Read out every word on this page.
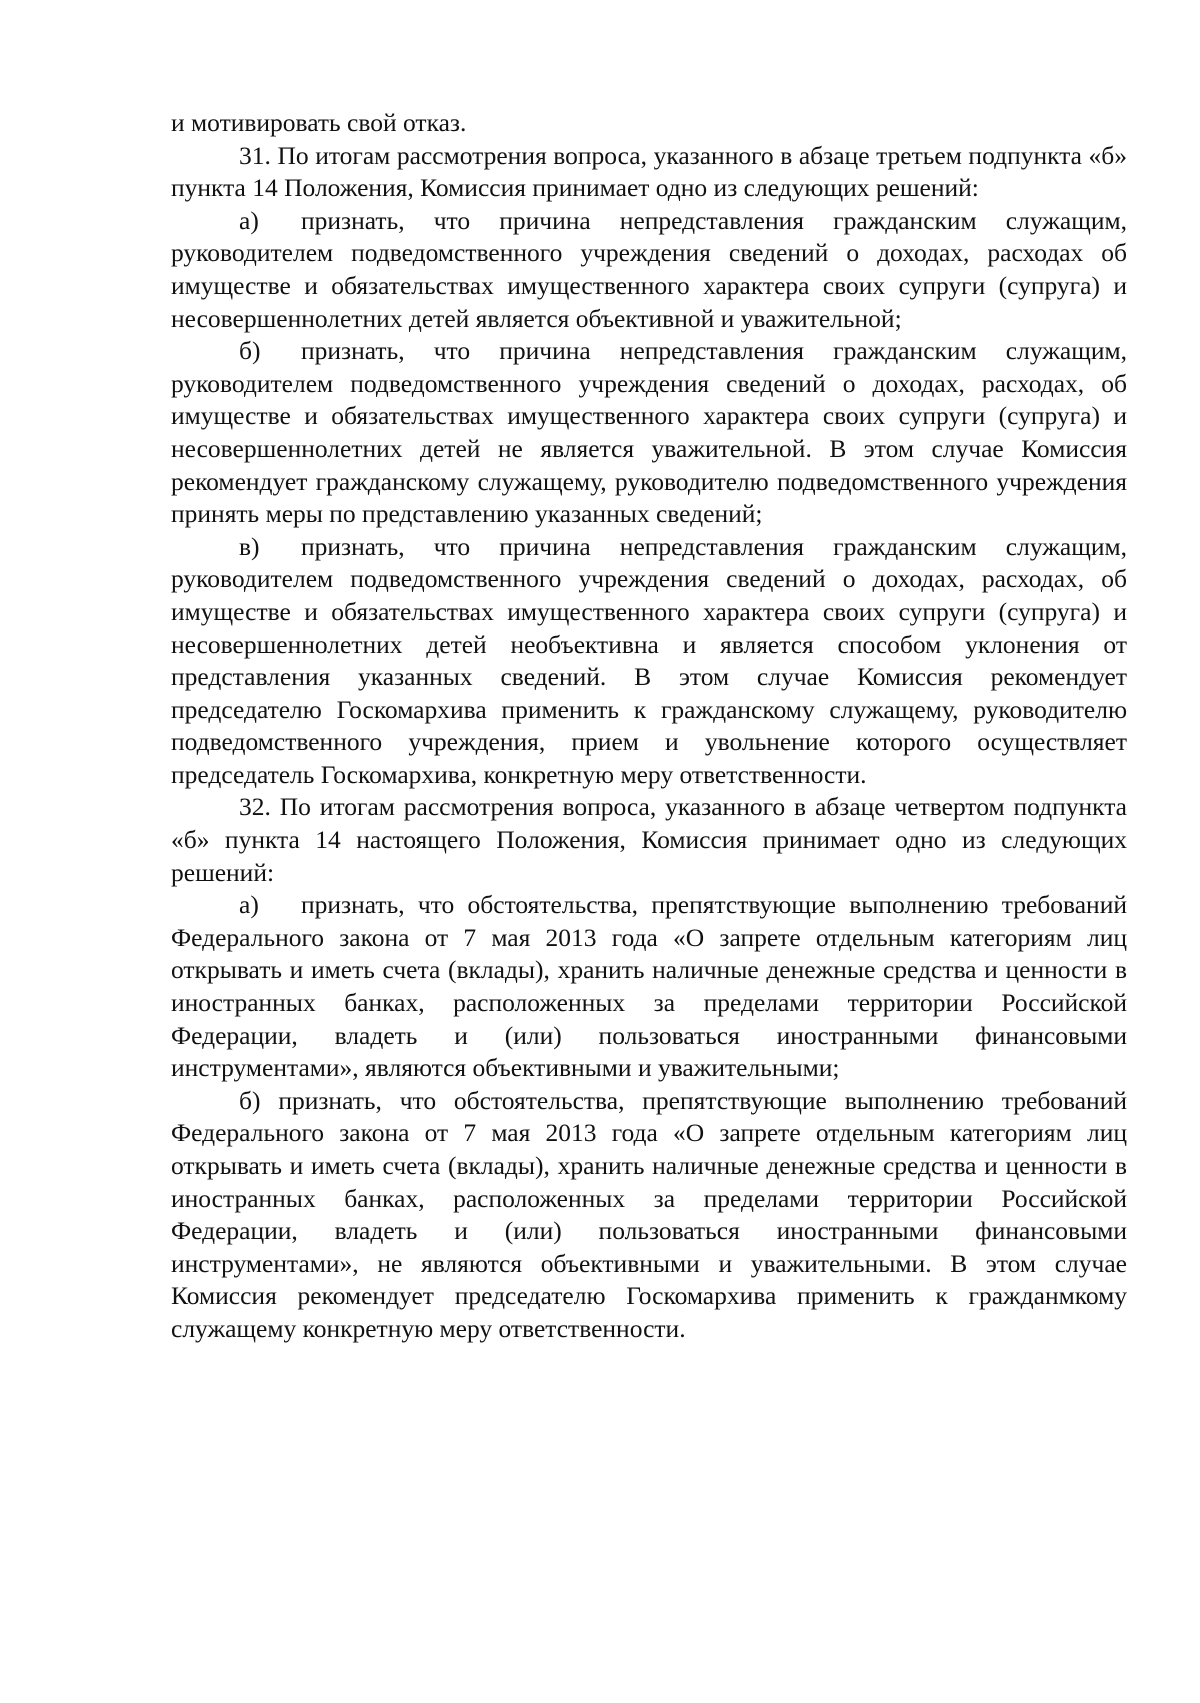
и мотивировать свой отказ.

31. По итогам рассмотрения вопроса, указанного в абзаце третьем подпункта «б» пункта 14 Положения, Комиссия принимает одно из следующих решений:

а) признать, что причина непредставления гражданским служащим, руководителем подведомственного учреждения сведений о доходах, расходах об имуществе и обязательствах имущественного характера своих супруги (супруга) и несовершеннолетних детей является объективной и уважительной;

б) признать, что причина непредставления гражданским служащим, руководителем подведомственного учреждения сведений о доходах, расходах, об имуществе и обязательствах имущественного характера своих супруги (супруга) и несовершеннолетних детей не является уважительной. В этом случае Комиссия рекомендует гражданскому служащему, руководителю подведомственного учреждения принять меры по представлению указанных сведений;

в) признать, что причина непредставления гражданским служащим, руководителем подведомственного учреждения сведений о доходах, расходах, об имуществе и обязательствах имущественного характера своих супруги (супруга) и несовершеннолетних детей необъективна и является способом уклонения от представления указанных сведений. В этом случае Комиссия рекомендует председателю Госкомархива применить к гражданскому служащему, руководителю подведомственного учреждения, прием и увольнение которого осуществляет председатель Госкомархива, конкретную меру ответственности.

32. По итогам рассмотрения вопроса, указанного в абзаце четвертом подпункта «б» пункта 14 настоящего Положения, Комиссия принимает одно из следующих решений:

а) признать, что обстоятельства, препятствующие выполнению требований Федерального закона от 7 мая 2013 года «О запрете отдельным категориям лиц открывать и иметь счета (вклады), хранить наличные денежные средства и ценности в иностранных банках, расположенных за пределами территории Российской Федерации, владеть и (или) пользоваться иностранными финансовыми инструментами», являются объективными и уважительными;

б) признать, что обстоятельства, препятствующие выполнению требований Федерального закона от 7 мая 2013 года «О запрете отдельным категориям лиц открывать и иметь счета (вклады), хранить наличные денежные средства и ценности в иностранных банках, расположенных за пределами территории Российской Федерации, владеть и (или) пользоваться иностранными финансовыми инструментами», не являются объективными и уважительными. В этом случае Комиссия рекомендует председателю Госкомархива применить к гражданмкому служащему конкретную меру ответственности.
